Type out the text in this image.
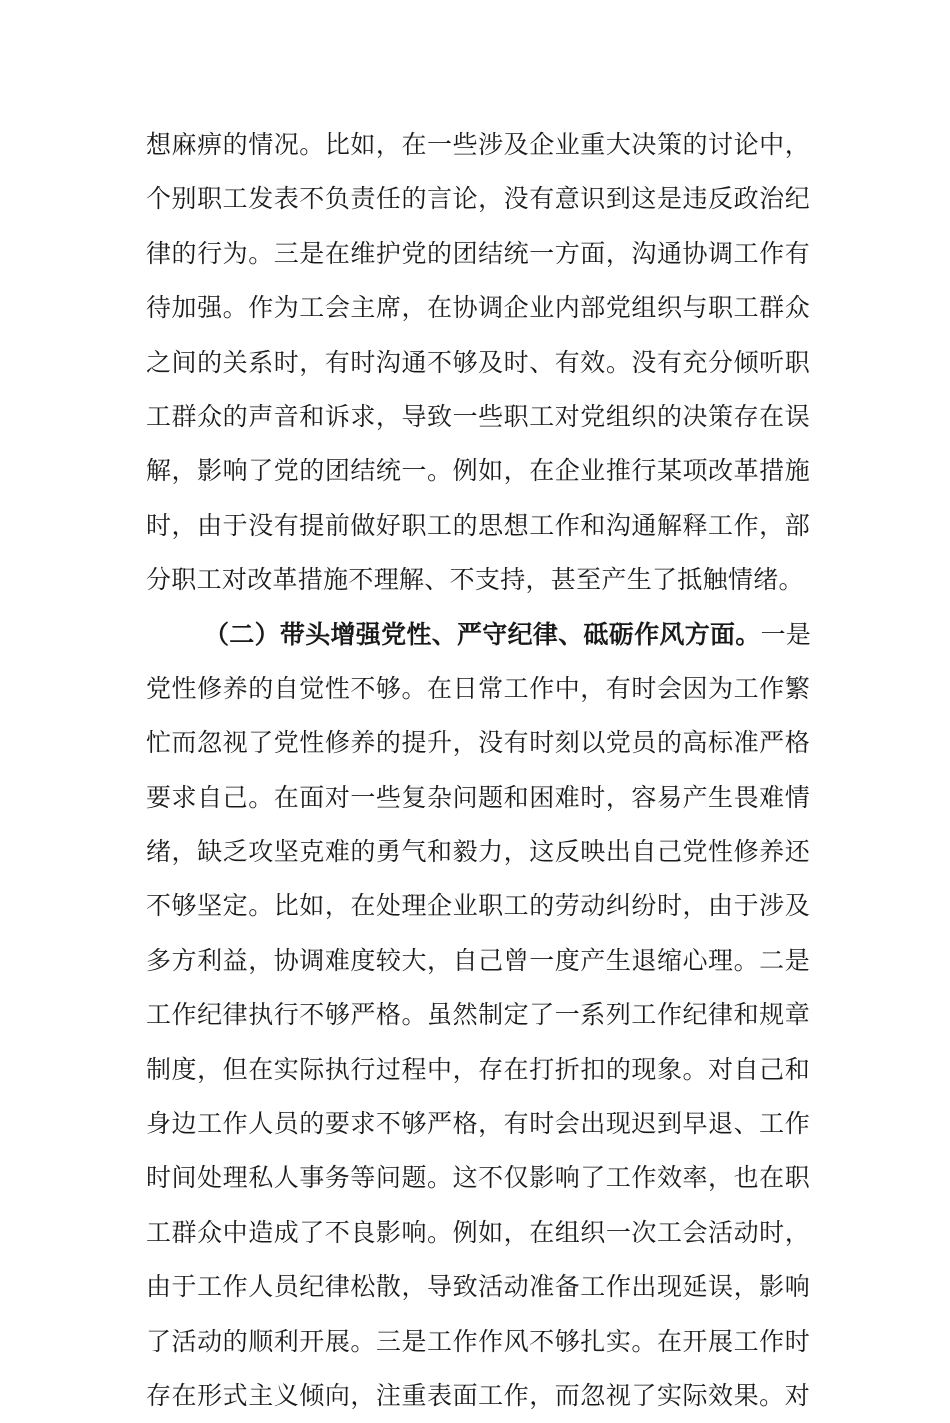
想麻痹的情况。比如，在一些涉及企业重大决策的讨论中，
个别职工发表不负责任的言论，没有意识到这是违反政治纪
律的行为。三是在维护党的团结统一方面，沟通协调工作有
待加强。作为工会主席，在协调企业内部党组织与职工群众
之间的关系时，有时沟通不够及时、有效。没有充分倾听职
工群众的声音和诉求，导致一些职工对党组织的决策存在误
解，影响了党的团结统一。例如，在企业推行某项改革措施
时，由于没有提前做好职工的思想工作和沟通解释工作，部
分职工对改革措施不理解、不支持，甚至产生了抵触情绪。
（二）带头增强党性、严守纪律、砥砺作风方面。一是
党性修养的自觉性不够。在日常工作中，有时会因为工作繁
忙而忽视了党性修养的提升，没有时刻以党员的高标准严格
要求自己。在面对一些复杂问题和困难时，容易产生畏难情
绪，缺乏攻坚克难的勇气和毅力，这反映出自己党性修养还
不够坚定。比如，在处理企业职工的劳动纠纷时，由于涉及
多方利益，协调难度较大，自己曾一度产生退缩心理。二是
工作纪律执行不够严格。虽然制定了一系列工作纪律和规章
制度，但在实际执行过程中，存在打折扣的现象。对自己和
身边工作人员的要求不够严格，有时会出现迟到早退、工作
时间处理私人事务等问题。这不仅影响了工作效率，也在职
工群众中造成了不良影响。例如，在组织一次工会活动时，
由于工作人员纪律松散，导致活动准备工作出现延误，影响
了活动的顺利开展。三是工作作风不够扎实。在开展工作时
存在形式主义倾向，注重表面工作，而忽视了实际效果。对
